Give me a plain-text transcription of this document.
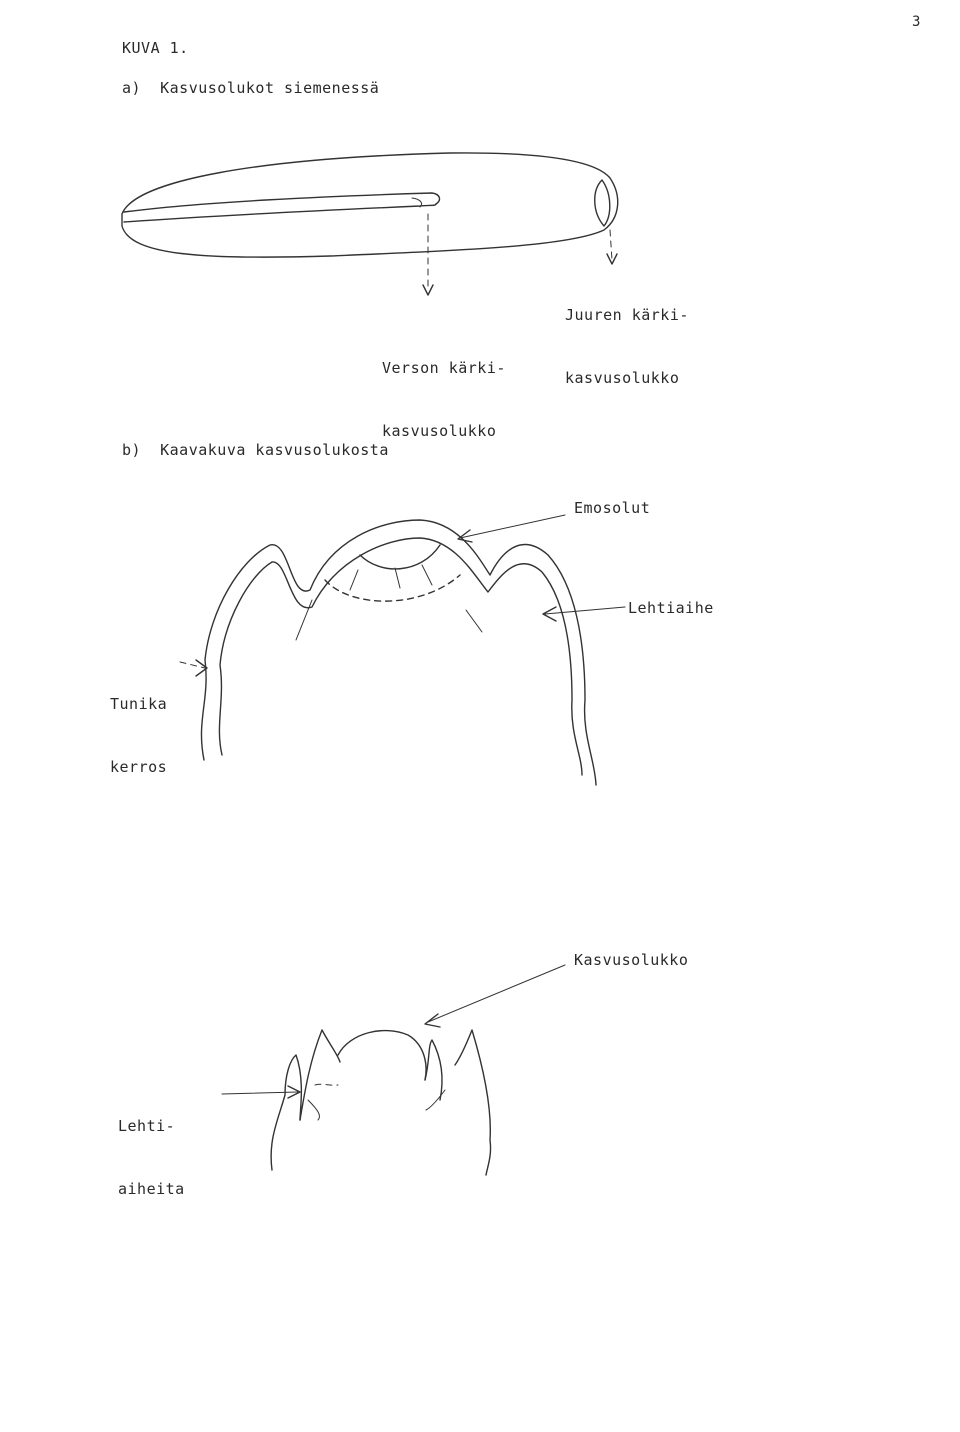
3
KUVA 1.
a)  Kasvusolukot siemenessä

Verson kärki-

kasvusolukko

Juuren kärki-

kasvusolukko

b)  Kaavakuva kasvusolukosta
Emosolut
Lehtiaihe

Tunika

kerros

Kasvusolukko

Lehti-

aiheita
